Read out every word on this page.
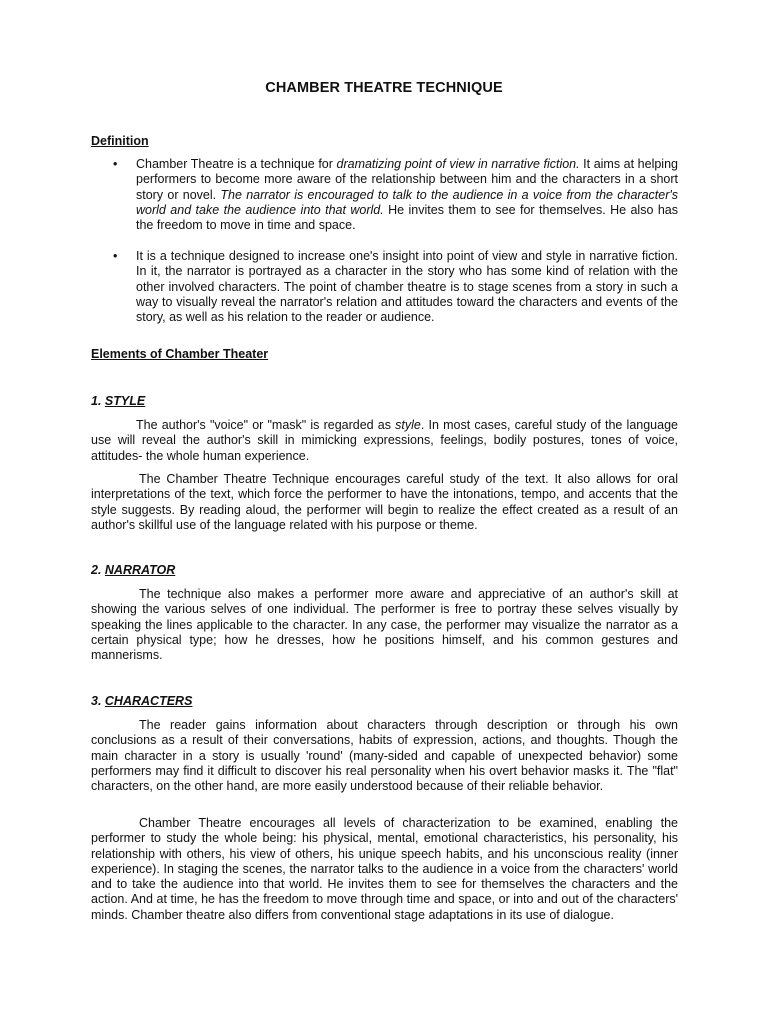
CHAMBER THEATRE TECHNIQUE
Definition
• Chamber Theatre is a technique for dramatizing point of view in narrative fiction. It aims at helping performers to become more aware of the relationship between him and the characters in a short story or novel. The narrator is encouraged to talk to the audience in a voice from the character's world and take the audience into that world. He invites them to see for themselves. He also has the freedom to move in time and space.
• It is a technique designed to increase one's insight into point of view and style in narrative fiction. In it, the narrator is portrayed as a character in the story who has some kind of relation with the other involved characters. The point of chamber theatre is to stage scenes from a story in such a way to visually reveal the narrator's relation and attitudes toward the characters and events of the story, as well as his relation to the reader or audience.
Elements of Chamber Theater
1. STYLE
The author's "voice" or "mask" is regarded as style. In most cases, careful study of the language use will reveal the author's skill in mimicking expressions, feelings, bodily postures, tones of voice, attitudes- the whole human experience.
The Chamber Theatre Technique encourages careful study of the text. It also allows for oral interpretations of the text, which force the performer to have the intonations, tempo, and accents that the style suggests. By reading aloud, the performer will begin to realize the effect created as a result of an author's skillful use of the language related with his purpose or theme.
2. NARRATOR
The technique also makes a performer more aware and appreciative of an author's skill at showing the various selves of one individual. The performer is free to portray these selves visually by speaking the lines applicable to the character. In any case, the performer may visualize the narrator as a certain physical type; how he dresses, how he positions himself, and his common gestures and mannerisms.
3. CHARACTERS
The reader gains information about characters through description or through his own conclusions as a result of their conversations, habits of expression, actions, and thoughts. Though the main character in a story is usually 'round' (many-sided and capable of unexpected behavior) some performers may find it difficult to discover his real personality when his overt behavior masks it. The "flat" characters, on the other hand, are more easily understood because of their reliable behavior.
Chamber Theatre encourages all levels of characterization to be examined, enabling the performer to study the whole being: his physical, mental, emotional characteristics, his personality, his relationship with others, his view of others, his unique speech habits, and his unconscious reality (inner experience). In staging the scenes, the narrator talks to the audience in a voice from the characters' world and to take the audience into that world. He invites them to see for themselves the characters and the action. And at time, he has the freedom to move through time and space, or into and out of the characters' minds. Chamber theatre also differs from conventional stage adaptations in its use of dialogue.
